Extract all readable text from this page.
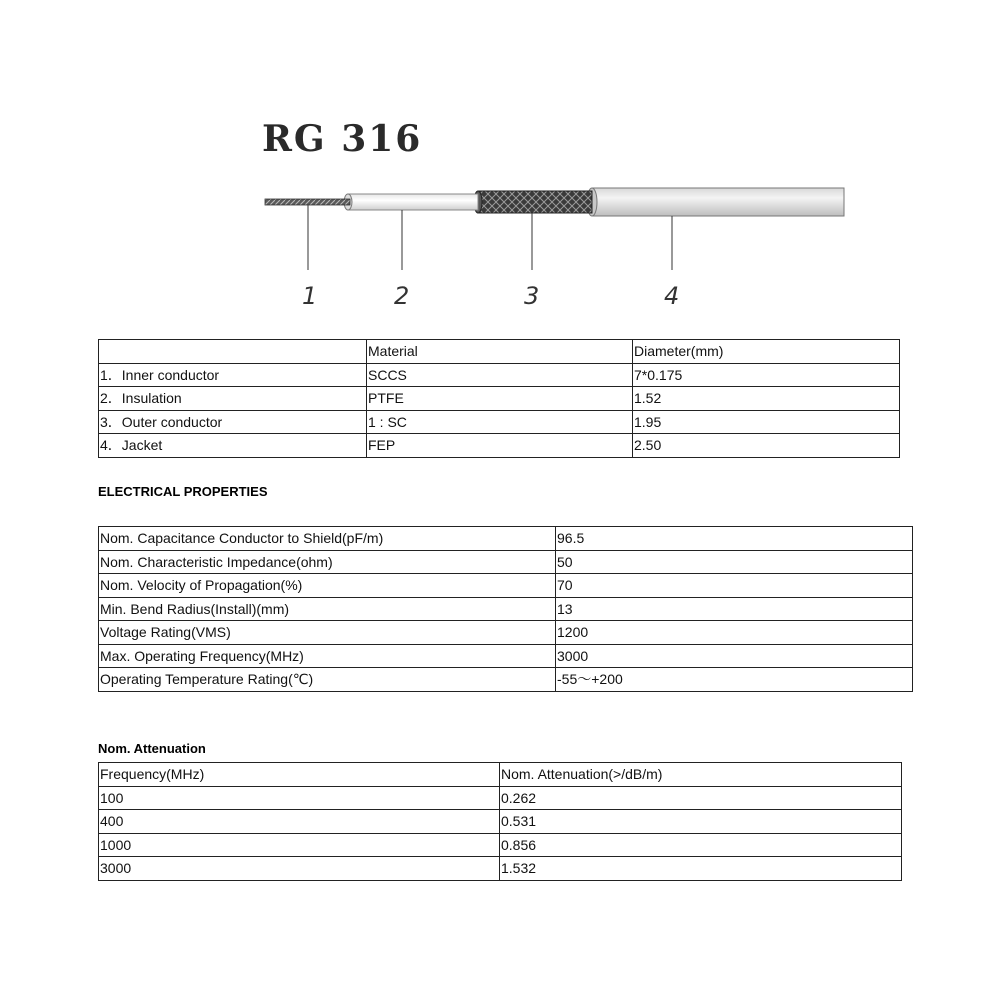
RG 316
1	2	3	4
	Material	Diameter(mm)
1．Inner conductor	SCCS	7*0.175
2．Insulation	PTFE	1.52
3．Outer conductor	1 : SC	1.95
4．Jacket	FEP	2.50
ELECTRICAL PROPERTIES
Nom. Capacitance Conductor to Shield(pF/m)	96.5
Nom. Characteristic Impedance(ohm)	50
Nom. Velocity of Propagation(%)	70
Min. Bend Radius(Install)(mm)	13
Voltage Rating(VMS)	1200
Max. Operating Frequency(MHz)	3000
Operating Temperature Rating(℃)	-55～+200
Nom. Attenuation
Frequency(MHz)	Nom. Attenuation(>/dB/m)
100	0.262
400	0.531
1000	0.856
3000	1.532
